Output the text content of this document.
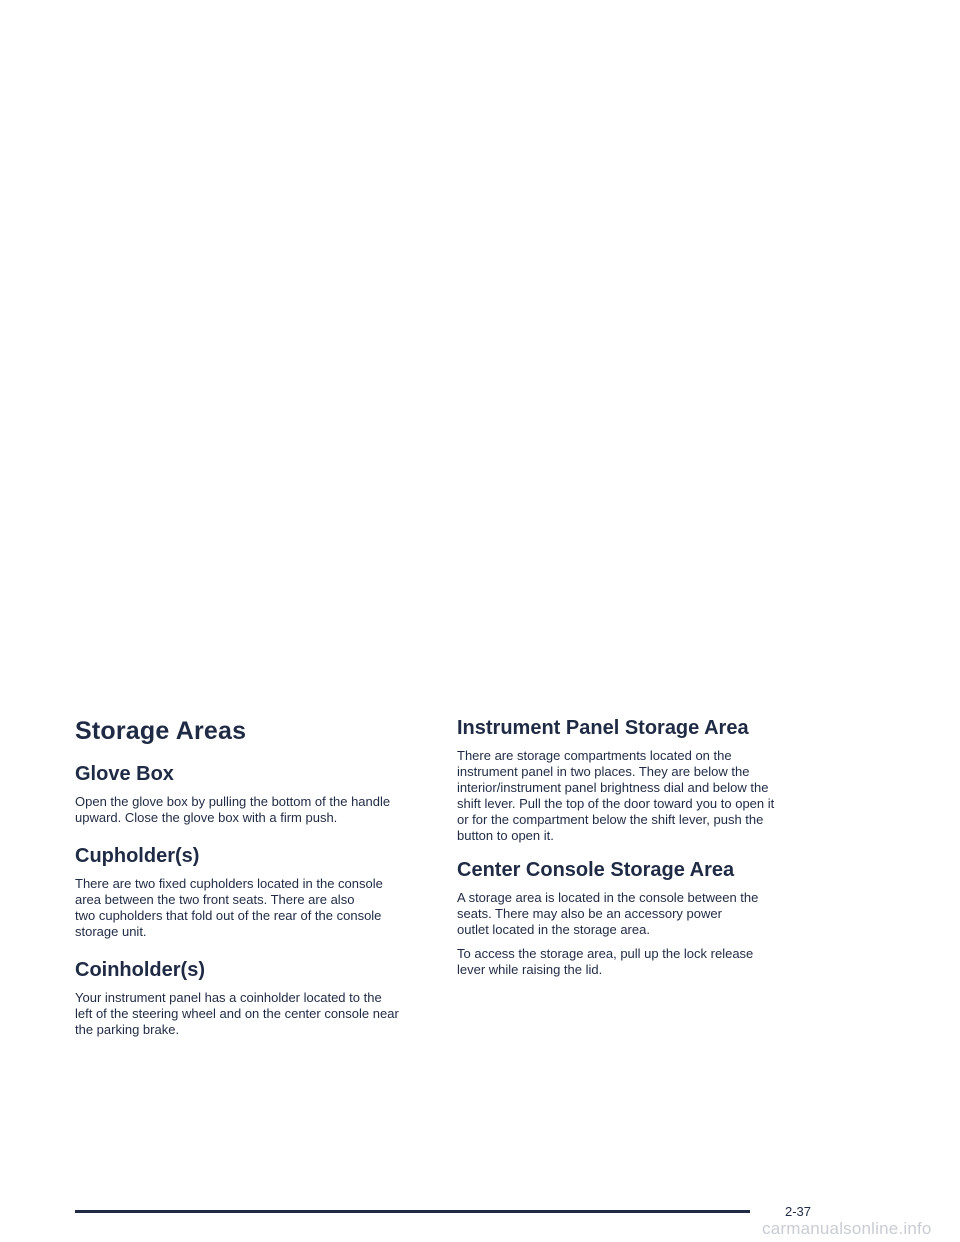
Storage Areas
Glove Box
Open the glove box by pulling the bottom of the handle
upward. Close the glove box with a firm push.
Cupholder(s)
There are two fixed cupholders located in the console
area between the two front seats. There are also
two cupholders that fold out of the rear of the console
storage unit.
Coinholder(s)
Your instrument panel has a coinholder located to the
left of the steering wheel and on the center console near
the parking brake.
Instrument Panel Storage Area
There are storage compartments located on the
instrument panel in two places. They are below the
interior/instrument panel brightness dial and below the
shift lever. Pull the top of the door toward you to open it
or for the compartment below the shift lever, push the
button to open it.
Center Console Storage Area
A storage area is located in the console between the
seats. There may also be an accessory power
outlet located in the storage area.
To access the storage area, pull up the lock release
lever while raising the lid.
2-37
carmanualsonline.info
